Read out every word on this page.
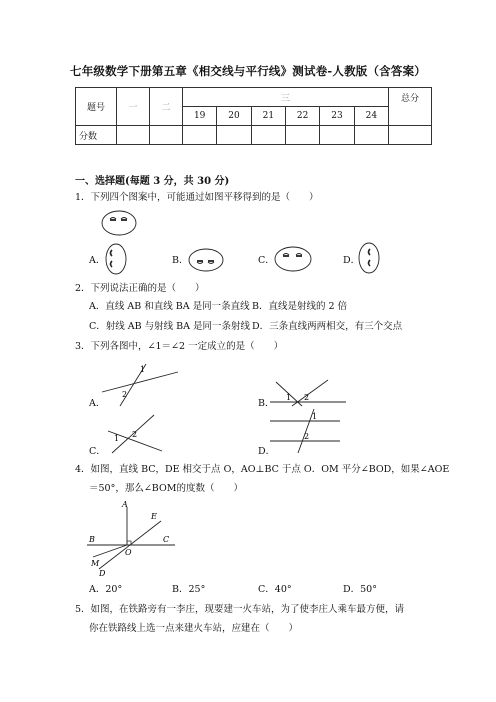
七年级数学下册第五章《相交线与平行线》测试卷-人教版（含答案）
题号	一	二	三						总分
			19	20	21	22	23	24	
分数									
一、选择题(每题 3 分，共 30 分)
1．下列四个图案中，可能通过如图平移得到的是（　　）
A．	B．	C．	D．
2．下列说法正确的是（　　）
A．直线 AB 和直线 BA 是同一条直线 B．直线是射线的 2 倍
C．射线 AB 与射线 BA 是同一条射线 D．三条直线两两相交，有三个交点
3．下列各图中，∠1＝∠2 一定成立的是（　　）
A．
1
2
B．
1 2
C．
1 2
D．
1
2
4．如图，直线 BC，DE 相交于点 O，AO⊥BC 于点 O．OM 平分∠BOD，如果∠AOE
＝50°，那么∠BOM的度数（　　）
A
E
B	C
O
M
D
A．20°	B．25°	C．40°	D．50°
5．如图，在铁路旁有一李庄，现要建一火车站，为了使李庄人乘车最方便，请
你在铁路线上选一点来建火车站，应建在（　　）
